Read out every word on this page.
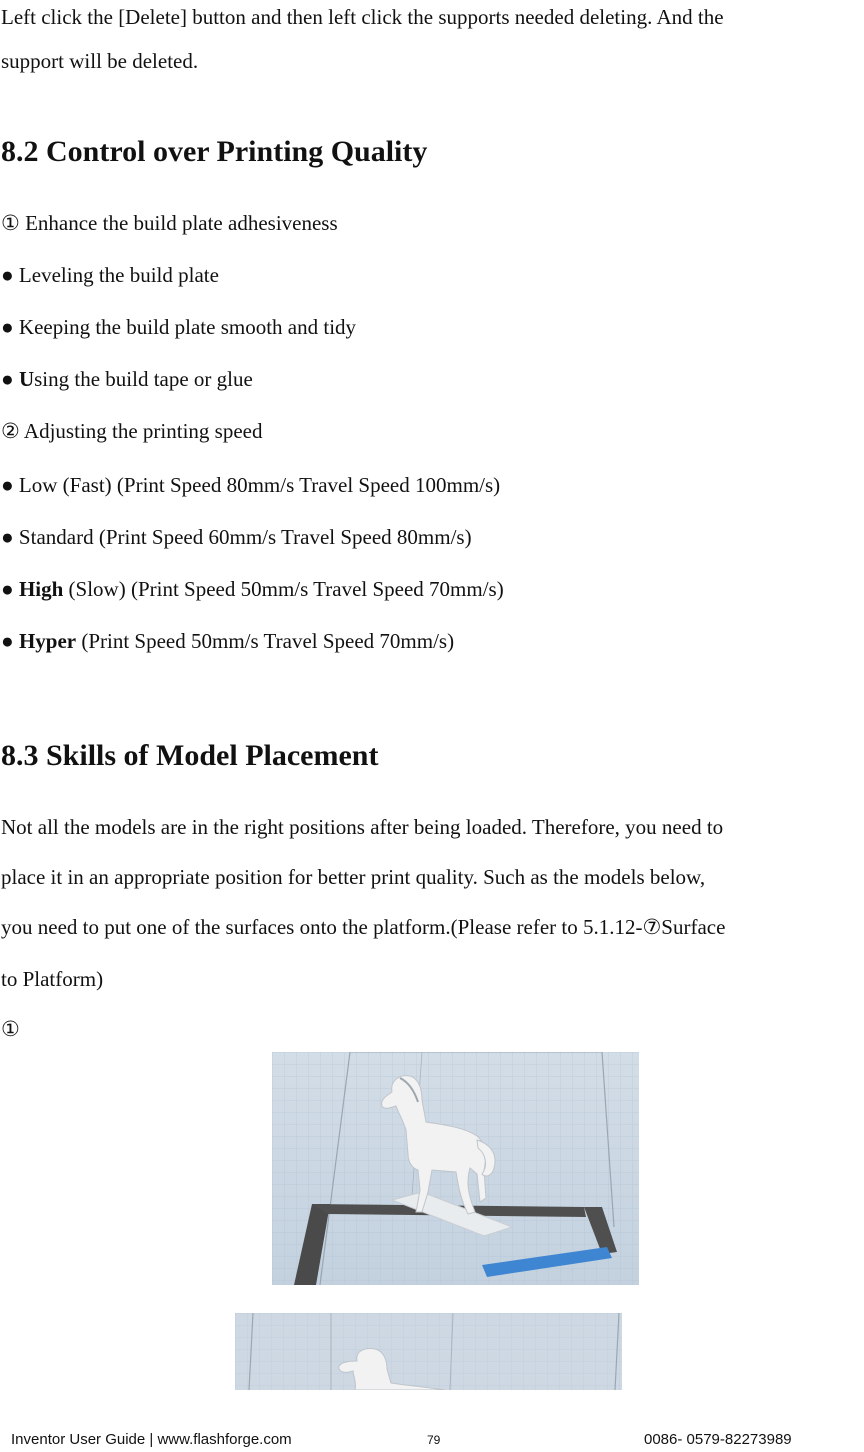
Left click the [Delete] button and then left click the supports needed deleting. And the
support will be deleted.
8.2 Control over Printing Quality
① Enhance the build plate adhesiveness
● Leveling the build plate
● Keeping the build plate smooth and tidy
● Using the build tape or glue
② Adjusting the printing speed
● Low (Fast) (Print Speed 80mm/s Travel Speed 100mm/s)
● Standard (Print Speed 60mm/s Travel Speed 80mm/s)
● High (Slow) (Print Speed 50mm/s Travel Speed 70mm/s)
● Hyper (Print Speed 50mm/s Travel Speed 70mm/s)
8.3 Skills of Model Placement
Not all the models are in the right positions after being loaded. Therefore, you need to
place it in an appropriate position for better print quality. Such as the models below,
you need to put one of the surfaces onto the platform.(Please refer to 5.1.12-⑦Surface
to Platform)
①
Inventor User Guide | www.flashforge.com	79	0086- 0579-82273989
